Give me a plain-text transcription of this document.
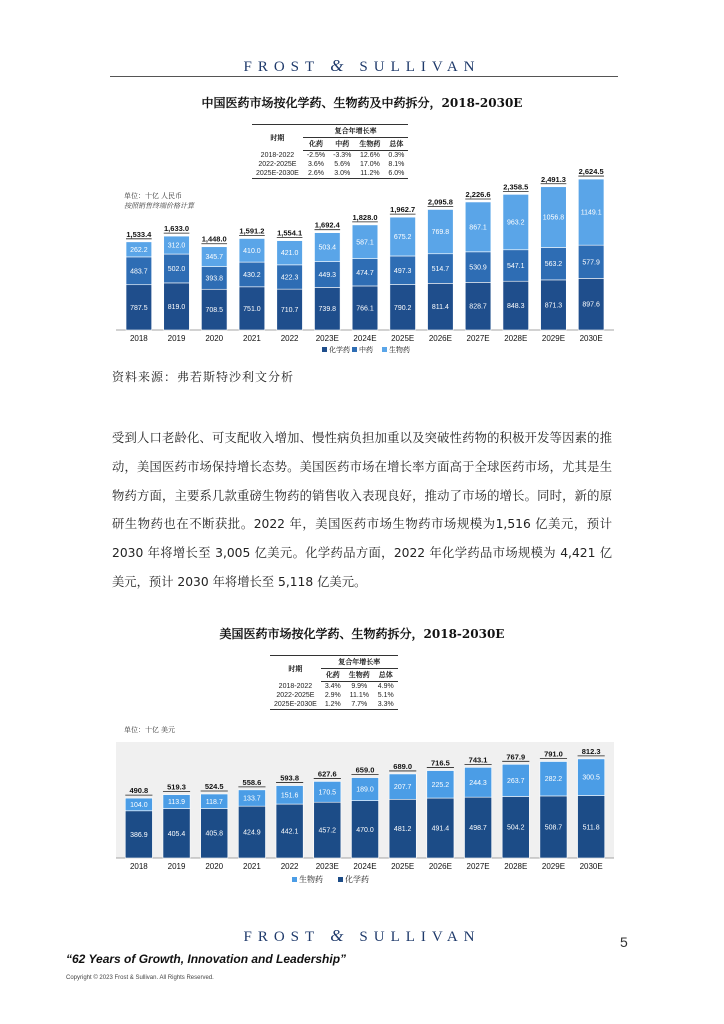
FROST & SULLIVAN
中国医药市场按化学药、生物药及中药拆分，2018-2030E
时期	复合年增长率			
	化药	中药	生物药	总体
2018-2022	-2.5%	-3.3%	12.6%	0.3%
2022-2025E	3.6%	5.6%	17.0%	8.1%
2025E-2030E	2.6%	3.0%	11.2%	6.0%
单位：十亿 人民币
按照销售终端价格计算
787.5
483.7
262.2
1,533.4
2018
819.0
502.0
312.0
1,633.0
2019
708.5
393.8
345.7
1,448.0
2020
751.0
430.2
410.0
1,591.2
2021
710.7
422.3
421.0
1,554.1
2022
739.8
449.3
503.4
1,692.4
2023E
766.1
474.7
587.1
1,828.0
2024E
790.2
497.3
675.2
1,962.7
2025E
811.4
514.7
769.8
2,095.8
2026E
828.7
530.9
867.1
2,226.6
2027E
848.3
547.1
963.2
2,358.5
2028E
871.3
563.2
1056.8
2,491.3
2029E
897.6
577.9
1149.1
2,624.5
2030E
化学药 中药 生物药
资料来源：弗若斯特沙利文分析
受到人口老龄化、可支配收入增加、慢性病负担加重以及突破性药物的积极开发等因素的推动，美国医药市场保持增长态势。美国医药市场在增长率方面高于全球医药市场，尤其是生物药方面，主要系几款重磅生物药的销售收入表现良好，推动了市场的增长。同时，新的原研生物药也在不断获批。2022 年，美国医药市场生物药市场规模为1,516 亿美元，预计 2030 年将增长至 3,005 亿美元。化学药品方面，2022 年化学药品市场规模为 4,421 亿美元，预计 2030 年将增长至 5,118 亿美元。
美国医药市场按化学药、生物药拆分，2018-2030E
时期	复合年增长率		
	化药	生物药	总体
2018-2022	3.4%	9.9%	4.9%
2022-2025E	2.9%	11.1%	5.1%
2025E-2030E	1.2%	7.7%	3.3%
单位：十亿 美元
386.9
104.0
490.8
2018
405.4
113.9
519.3
2019
405.8
118.7
524.5
2020
424.9
133.7
558.6
2021
442.1
151.6
593.8
2022
457.2
170.5
627.6
2023E
470.0
189.0
659.0
2024E
481.2
207.7
689.0
2025E
491.4
225.2
716.5
2026E
498.7
244.3
743.1
2027E
504.2
263.7
767.9
2028E
508.7
282.2
791.0
2029E
511.8
300.5
812.3
2030E
生物药	化学药
FROST & SULLIVAN	5
“62 Years of Growth, Innovation and Leadership”
Copyright © 2023 Frost & Sullivan. All Rights Reserved.
